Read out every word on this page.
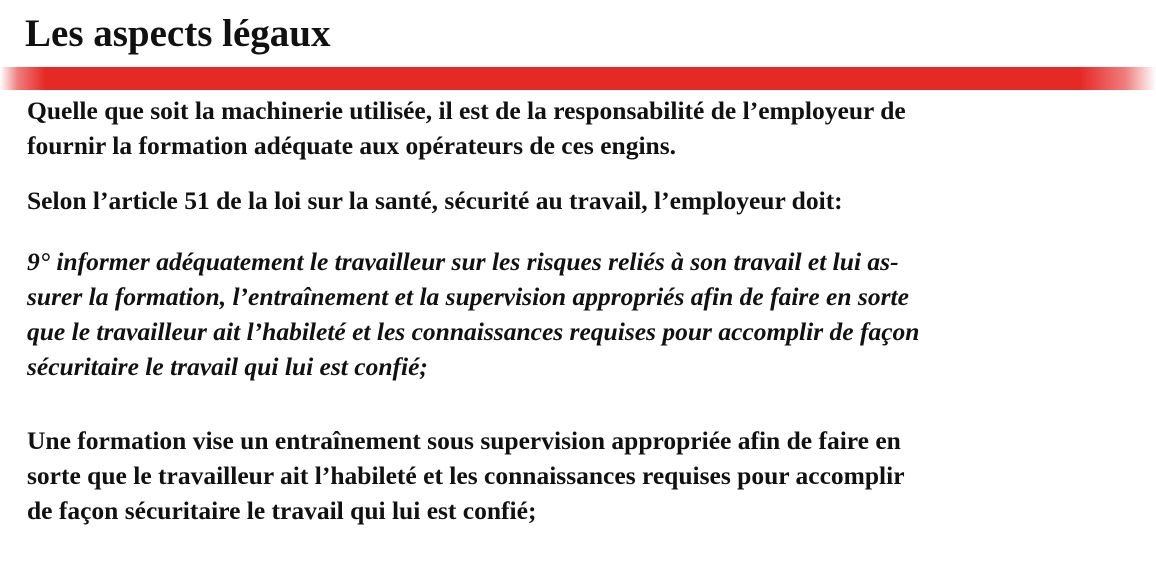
Les aspects légaux

Quelle que soit la machinerie utilisée, il est de la responsabilité de l’employeur de
fournir la formation adéquate aux opérateurs de ces engins.

Selon l’article 51 de la loi sur la santé, sécurité au travail, l’employeur doit:

9° informer adéquatement le travailleur sur les risques reliés à son travail et lui as-
surer la formation, l’entraînement et la supervision appropriés afin de faire en sorte
que le travailleur ait l’habileté et les connaissances requises pour accomplir de façon
sécuritaire le travail qui lui est confié;

Une formation vise un entraînement sous supervision appropriée afin de faire en
sorte que le travailleur ait l’habileté et les connaissances requises pour accomplir
de façon sécuritaire le travail qui lui est confié;
